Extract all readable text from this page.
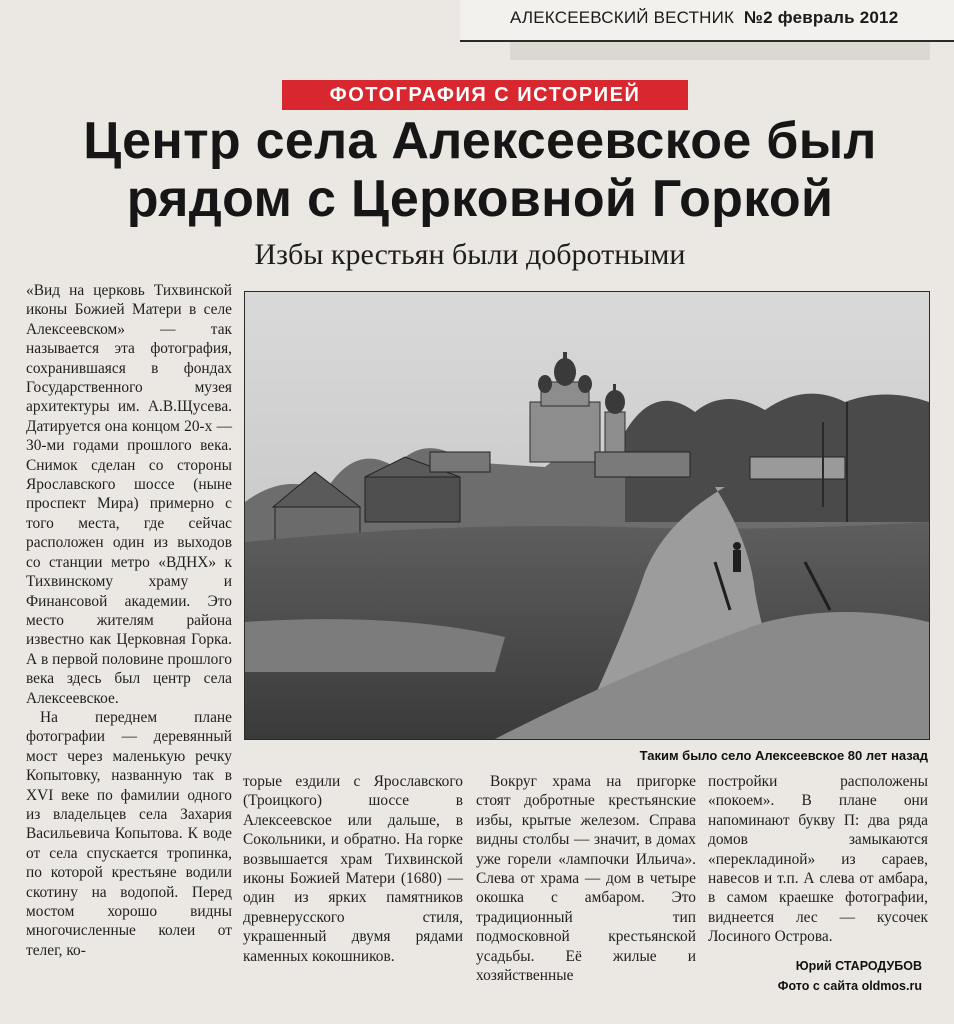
АЛЕКСЕЕВСКИЙ ВЕСТНИК №2 февраль 2012
ФОТОГРАФИЯ С ИСТОРИЕЙ
Центр села Алексеевское был рядом с Церковной Горкой
Избы крестьян были добротными
Таким было село Алексеевское 80 лет назад

«Вид на церковь Тихвинской иконы Божией Матери в селе Алексеевском» — так называется эта фотография, сохранившаяся в фондах Государственного музея архитектуры им. А.В.Щусева. Датируется она концом 20-х — 30-ми годами прошлого века. Снимок сделан со стороны Ярославского шоссе (ныне проспект Мира) примерно с того места, где сейчас расположен один из выходов со станции метро «ВДНХ» к Тихвинскому храму и Финансовой академии. Это место жителям района известно как Церковная Горка. А в первой половине прошлого века здесь был центр села Алексеевское.

На переднем плане фотографии — деревянный мост через маленькую речку Копытовку, названную так в XVI веке по фамилии одного из владельцев села Захария Васильевича Копытова. К воде от села спускается тропинка, по которой крестьяне водили скотину на водопой. Перед мостом хорошо видны многочисленные колеи от телег, ко-

торые ездили с Ярославского (Троицкого) шоссе в Алексеевское или дальше, в Сокольники, и обратно. На горке возвышается храм Тихвинской иконы Божией Матери (1680) — один из ярких памятников древнерусского стиля, украшенный двумя рядами каменных кокошников.

Вокруг храма на пригорке стоят добротные крестьянские избы, крытые железом. Справа видны столбы — значит, в домах уже горели «лампочки Ильича». Слева от храма — дом в четыре окошка с амбаром. Это традиционный тип подмосковной крестьянской усадьбы. Её жилые и хозяйственные

постройки расположены «покоем». В плане они напоминают букву П: два ряда домов замыкаются «перекладиной» из сараев, навесов и т.п. А слева от амбара, в самом краешке фотографии, виднеется лес — кусочек Лосиного Острова.

Юрий СТАРОДУБОВ
Фото с сайта oldmos.ru
